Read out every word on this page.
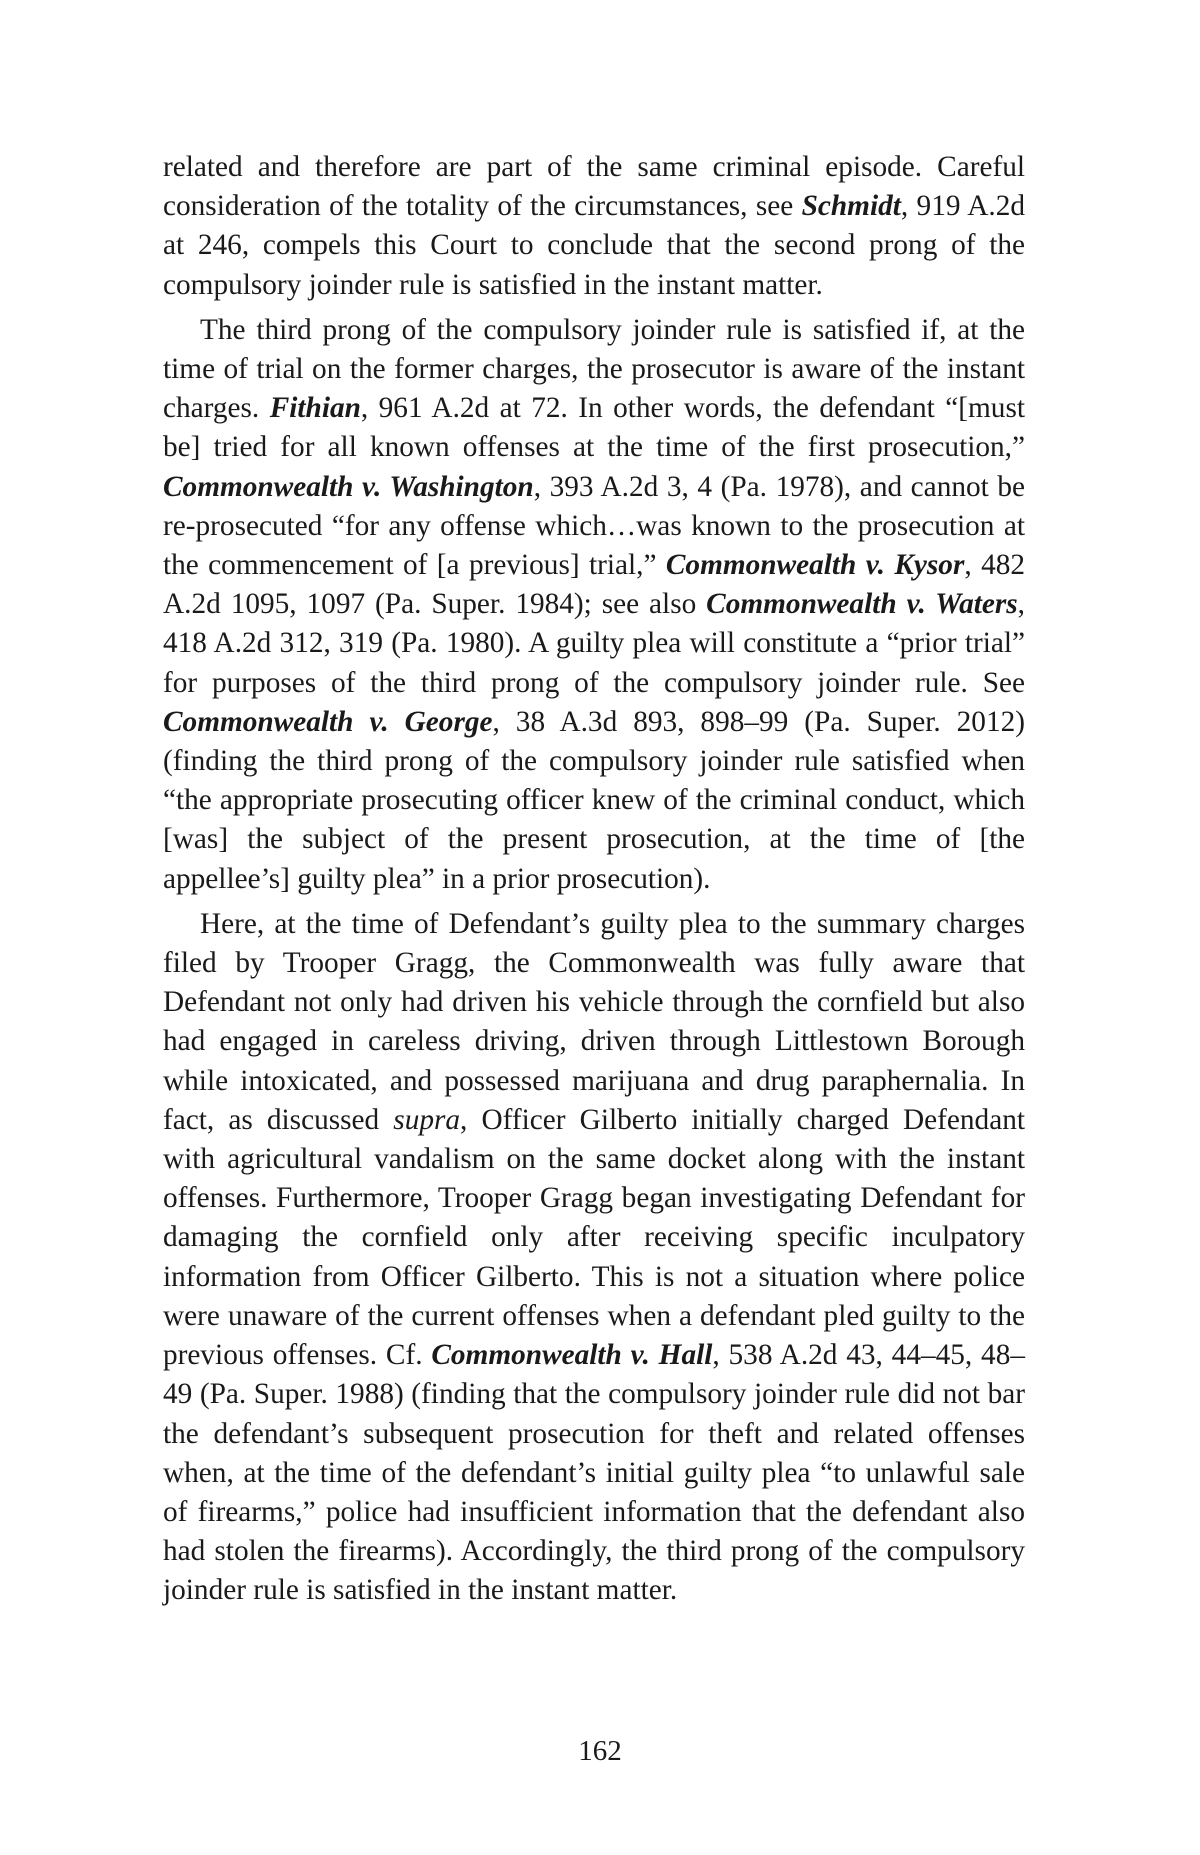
related and therefore are part of the same criminal episode. Careful consideration of the totality of the circumstances, see Schmidt, 919 A.2d at 246, compels this Court to conclude that the second prong of the compulsory joinder rule is satisfied in the instant matter.

The third prong of the compulsory joinder rule is satisfied if, at the time of trial on the former charges, the prosecutor is aware of the instant charges. Fithian, 961 A.2d at 72. In other words, the defendant “[must be] tried for all known offenses at the time of the first prosecution,” Commonwealth v. Washington, 393 A.2d 3, 4 (Pa. 1978), and cannot be re-prosecuted “for any offense which…was known to the prosecution at the commencement of [a previous] trial,” Commonwealth v. Kysor, 482 A.2d 1095, 1097 (Pa. Super. 1984); see also Commonwealth v. Waters, 418 A.2d 312, 319 (Pa. 1980). A guilty plea will constitute a “prior trial” for purposes of the third prong of the compulsory joinder rule. See Commonwealth v. George, 38 A.3d 893, 898–99 (Pa. Super. 2012) (finding the third prong of the compulsory joinder rule satisfied when “the appropriate prosecuting officer knew of the criminal conduct, which [was] the subject of the present prosecution, at the time of [the appellee’s] guilty plea” in a prior prosecution).

Here, at the time of Defendant’s guilty plea to the summary charges filed by Trooper Gragg, the Commonwealth was fully aware that Defendant not only had driven his vehicle through the cornfield but also had engaged in careless driving, driven through Littlestown Borough while intoxicated, and possessed marijuana and drug paraphernalia. In fact, as discussed supra, Officer Gilberto initially charged Defendant with agricultural vandalism on the same docket along with the instant offenses. Furthermore, Trooper Gragg began investigating Defendant for damaging the cornfield only after receiving specific inculpatory information from Officer Gilberto. This is not a situation where police were unaware of the current offenses when a defendant pled guilty to the previous offenses. Cf. Commonwealth v. Hall, 538 A.2d 43, 44–45, 48–49 (Pa. Super. 1988) (finding that the compulsory joinder rule did not bar the defendant’s subsequent prosecution for theft and related offenses when, at the time of the defendant’s initial guilty plea “to unlawful sale of firearms,” police had insufficient information that the defendant also had stolen the firearms). Accordingly, the third prong of the compulsory joinder rule is satisfied in the instant matter.

162
